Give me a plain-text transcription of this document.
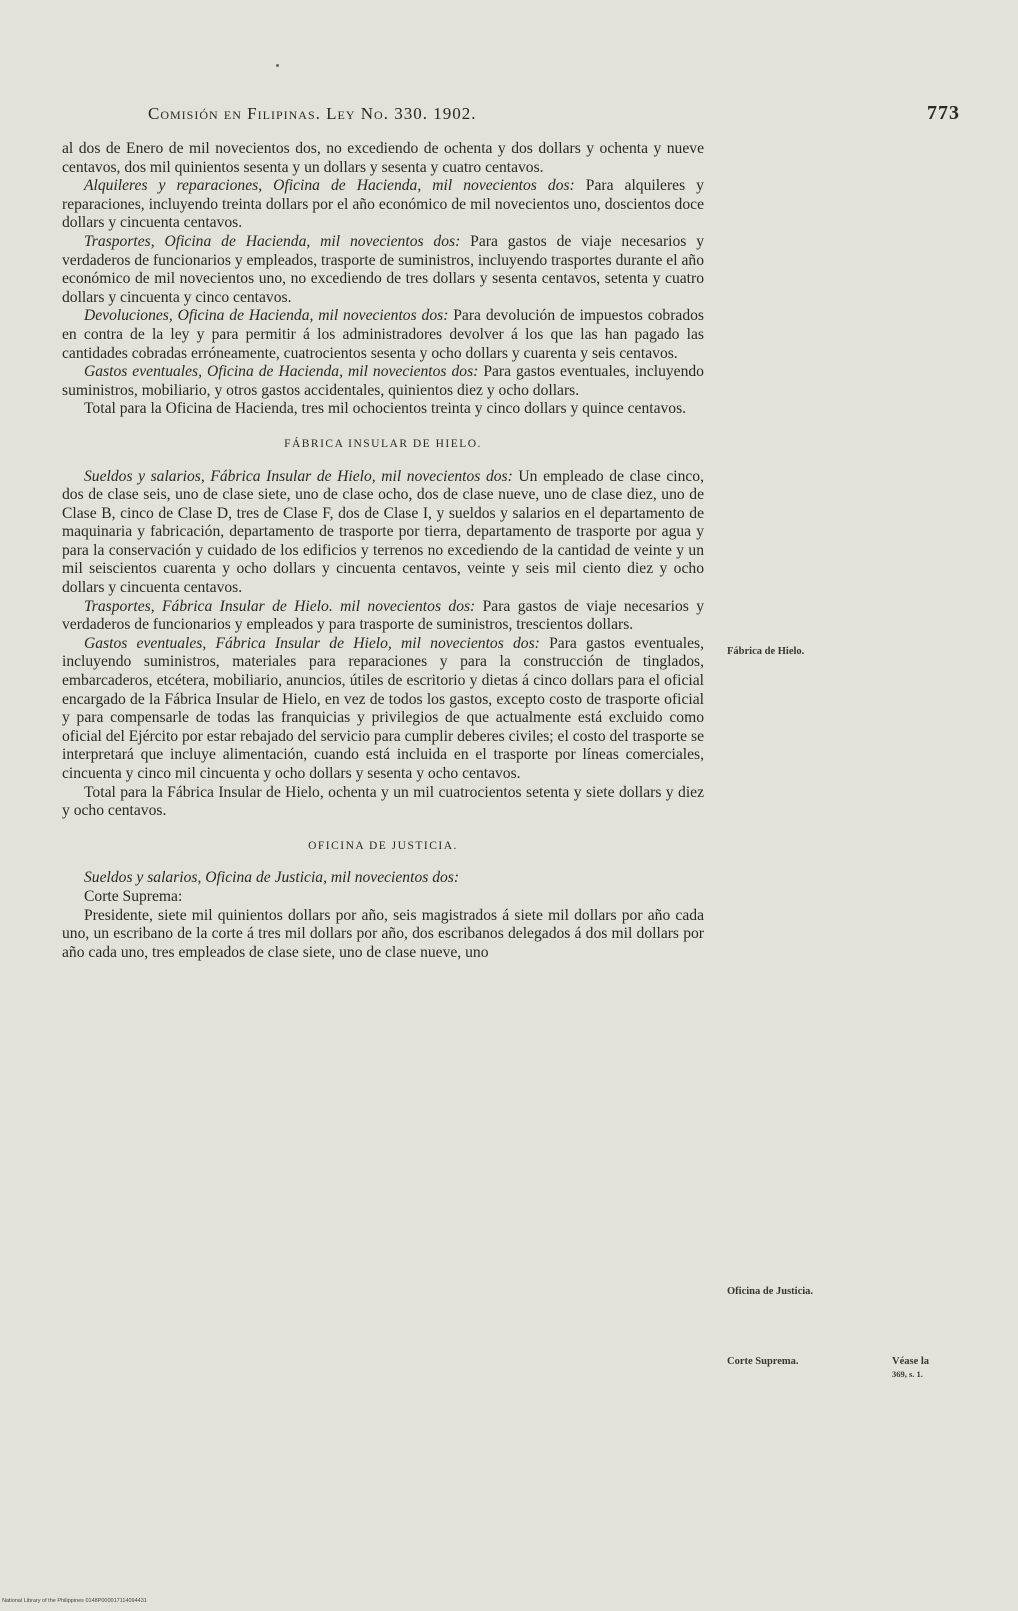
Comisión en Filipinas. Ley No. 330. 1902.	773

al dos de Enero de mil novecientos dos, no excediendo de ochenta y dos dollars y ochenta y nueve centavos, dos mil quinientos sesenta y un dollars y sesenta y cuatro centavos.

Alquileres y reparaciones, Oficina de Hacienda, mil novecientos dos: Para alquileres y reparaciones, incluyendo treinta dollars por el año económico de mil novecientos uno, doscientos doce dollars y cincuenta centavos.

Trasportes, Oficina de Hacienda, mil novecientos dos: Para gastos de viaje necesarios y verdaderos de funcionarios y empleados, trasporte de suministros, incluyendo trasportes durante el año económico de mil novecientos uno, no excediendo de tres dollars y sesenta centavos, setenta y cuatro dollars y cincuenta y cinco centavos.

Devoluciones, Oficina de Hacienda, mil novecientos dos: Para devolución de impuestos cobrados en contra de la ley y para permitir á los administradores devolver á los que las han pagado las cantidades cobradas erróneamente, cuatrocientos sesenta y ocho dollars y cuarenta y seis centavos.

Gastos eventuales, Oficina de Hacienda, mil novecientos dos: Para gastos eventuales, incluyendo suministros, mobiliario, y otros gastos accidentales, quinientos diez y ocho dollars.

Total para la Oficina de Hacienda, tres mil ochocientos treinta y cinco dollars y quince centavos.

FÁBRICA INSULAR DE HIELO.

Sueldos y salarios, Fábrica Insular de Hielo, mil novecientos dos: Un empleado de clase cinco, dos de clase seis, uno de clase siete, uno de clase ocho, dos de clase nueve, uno de clase diez, uno de Clase B, cinco de Clase D, tres de Clase F, dos de Clase I, y sueldos y salarios en el departamento de maquinaria y fabricación, departamento de trasporte por tierra, departamento de trasporte por agua y para la conservación y cuidado de los edificios y terrenos no excediendo de la cantidad de veinte y un mil seiscientos cuarenta y ocho dollars y cincuenta centavos, veinte y seis mil ciento diez y ocho dollars y cincuenta centavos.

Trasportes, Fábrica Insular de Hielo. mil novecientos dos: Para gastos de viaje necesarios y verdaderos de funcionarios y empleados y para trasporte de suministros, trescientos dollars.

Gastos eventuales, Fábrica Insular de Hielo, mil novecientos dos: Para gastos eventuales, incluyendo suministros, materiales para reparaciones y para la construcción de tinglados, embarcaderos, etcétera, mobiliario, anuncios, útiles de escritorio y dietas á cinco dollars para el oficial encargado de la Fábrica Insular de Hielo, en vez de todos los gastos, excepto costo de trasporte oficial y para compensarle de todas las franquicias y privilegios de que actualmente está excluido como oficial del Ejército por estar rebajado del servicio para cumplir deberes civiles; el costo del trasporte se interpretará que incluye alimentación, cuando está incluida en el trasporte por líneas comerciales, cincuenta y cinco mil cincuenta y ocho dollars y sesenta y ocho centavos.

Total para la Fábrica Insular de Hielo, ochenta y un mil cuatrocientos setenta y siete dollars y diez y ocho centavos.

OFICINA DE JUSTICIA.

Sueldos y salarios, Oficina de Justicia, mil novecientos dos:

Corte Suprema:

Presidente, siete mil quinientos dollars por año, seis magistrados á siete mil dollars por año cada uno, un escribano de la corte á tres mil dollars por año, dos escribanos delegados á dos mil dollars por año cada uno, tres empleados de clase siete, uno de clase nueve, uno

Fábrica de Hielo.
Oficina de Justicia.
Corte Suprema.	Véase la
369, s. 1.
National Library of the Philippines 0148P000017114094431
